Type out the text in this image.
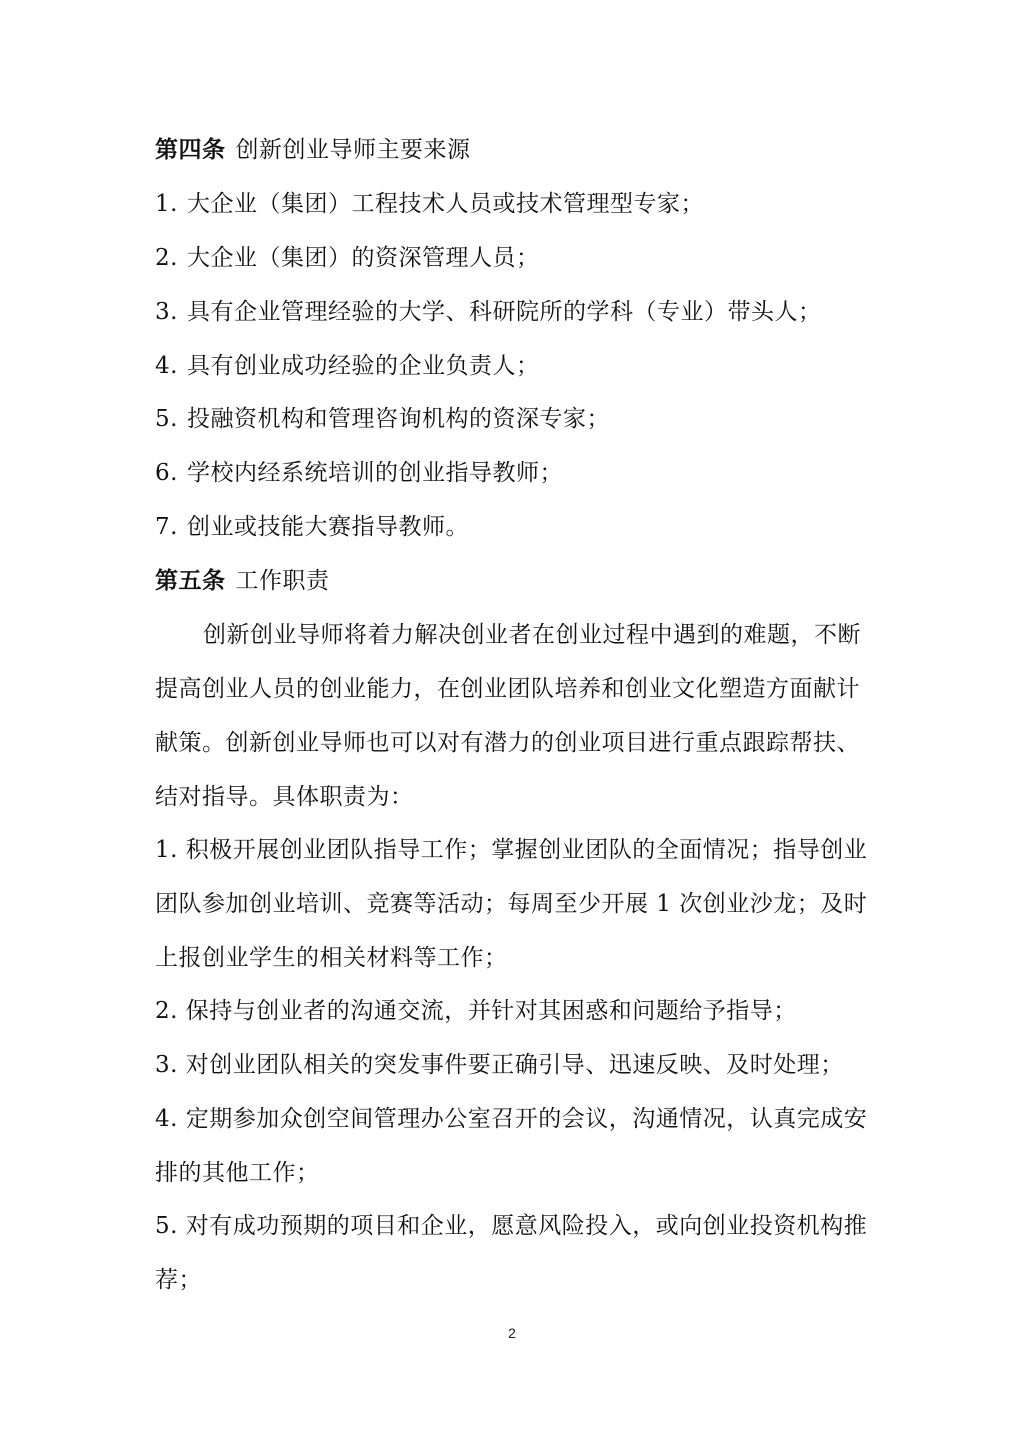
第四条 创新创业导师主要来源
1. 大企业（集团）工程技术人员或技术管理型专家；
2. 大企业（集团）的资深管理人员；
3. 具有企业管理经验的大学、科研院所的学科（专业）带头人；
4. 具有创业成功经验的企业负责人；
5. 投融资机构和管理咨询机构的资深专家；
6. 学校内经系统培训的创业指导教师；
7. 创业或技能大赛指导教师。
第五条 工作职责
创新创业导师将着力解决创业者在创业过程中遇到的难题，不断
提高创业人员的创业能力，在创业团队培养和创业文化塑造方面献计
献策。创新创业导师也可以对有潜力的创业项目进行重点跟踪帮扶、
结对指导。具体职责为：
1. 积极开展创业团队指导工作；掌握创业团队的全面情况；指导创业
团队参加创业培训、竞赛等活动；每周至少开展 1 次创业沙龙；及时
上报创业学生的相关材料等工作；
2. 保持与创业者的沟通交流，并针对其困惑和问题给予指导；
3. 对创业团队相关的突发事件要正确引导、迅速反映、及时处理；
4. 定期参加众创空间管理办公室召开的会议，沟通情况，认真完成安
排的其他工作；
5. 对有成功预期的项目和企业，愿意风险投入，或向创业投资机构推
荐；
2
